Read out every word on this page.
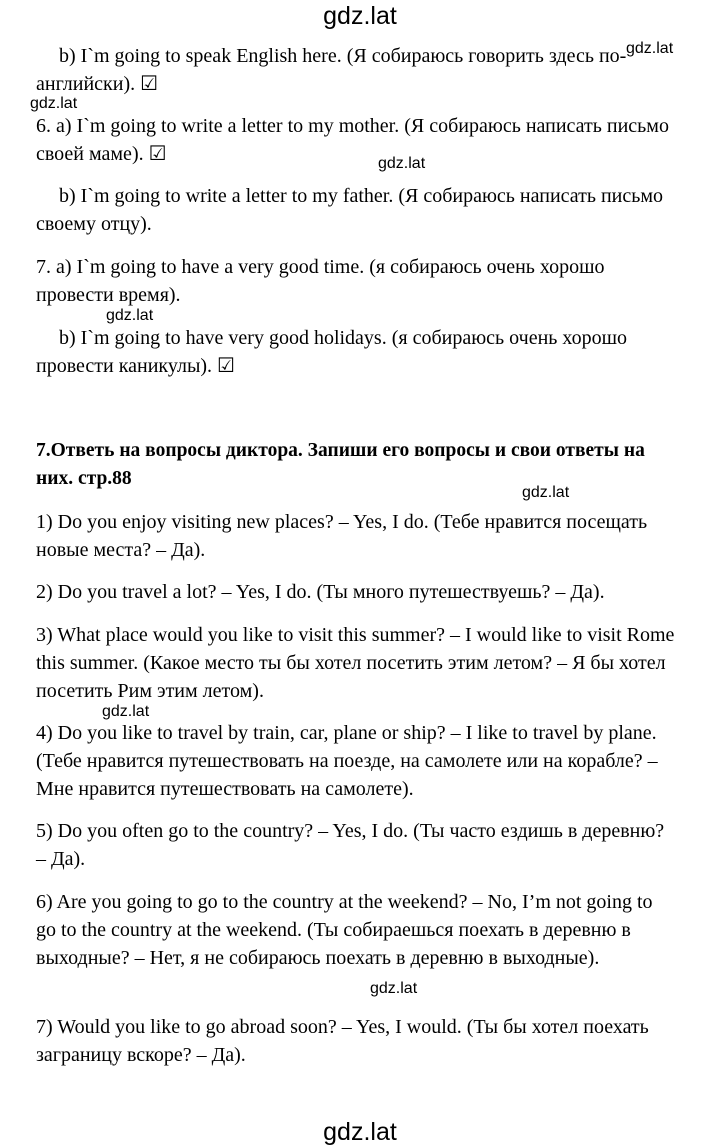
gdz.lat
gdz.lat
gdz.lat
gdz.lat
gdz.lat
gdz.lat
gdz.lat
gdz.lat
gdz.lat

b) I`m going to speak English here. (Я собираюсь говорить здесь по-английски). ☑

6. a) I`m going to write a letter to my mother. (Я собираюсь написать письмо своей маме). ☑

b) I`m going to write a letter to my father. (Я собираюсь написать письмо своему отцу).

7. a) I`m going to have a very good time. (я собираюсь очень хорошо провести время).

b) I`m going to have very good holidays. (я собираюсь очень хорошо провести каникулы). ☑

7.Ответь на вопросы диктора. Запиши его вопросы и свои ответы на них. стр.88

1) Do you enjoy visiting new places? – Yes, I do. (Тебе нравится посещать новые места? – Да).

2) Do you travel a lot? – Yes, I do. (Ты много путешествуешь? – Да).

3) What place would you like to visit this summer? – I would like to visit Rome this summer. (Какое место ты бы хотел посетить этим летом? – Я бы хотел посетить Рим этим летом).

4) Do you like to travel by train, car, plane or ship? – I like to travel by plane. (Тебе нравится путешествовать на поезде, на самолете или на корабле? – Мне нравится путешествовать на самолете).

5) Do you often go to the country? – Yes, I do. (Ты часто ездишь в деревню? – Да).

6) Are you going to go to the country at the weekend? – No, I’m not going to go to the country at the weekend. (Ты собираешься поехать в деревню в выходные? – Нет, я не собираюсь поехать в деревню в выходные).

7) Would you like to go abroad soon? – Yes, I would. (Ты бы хотел поехать заграницу вскоре? – Да).
